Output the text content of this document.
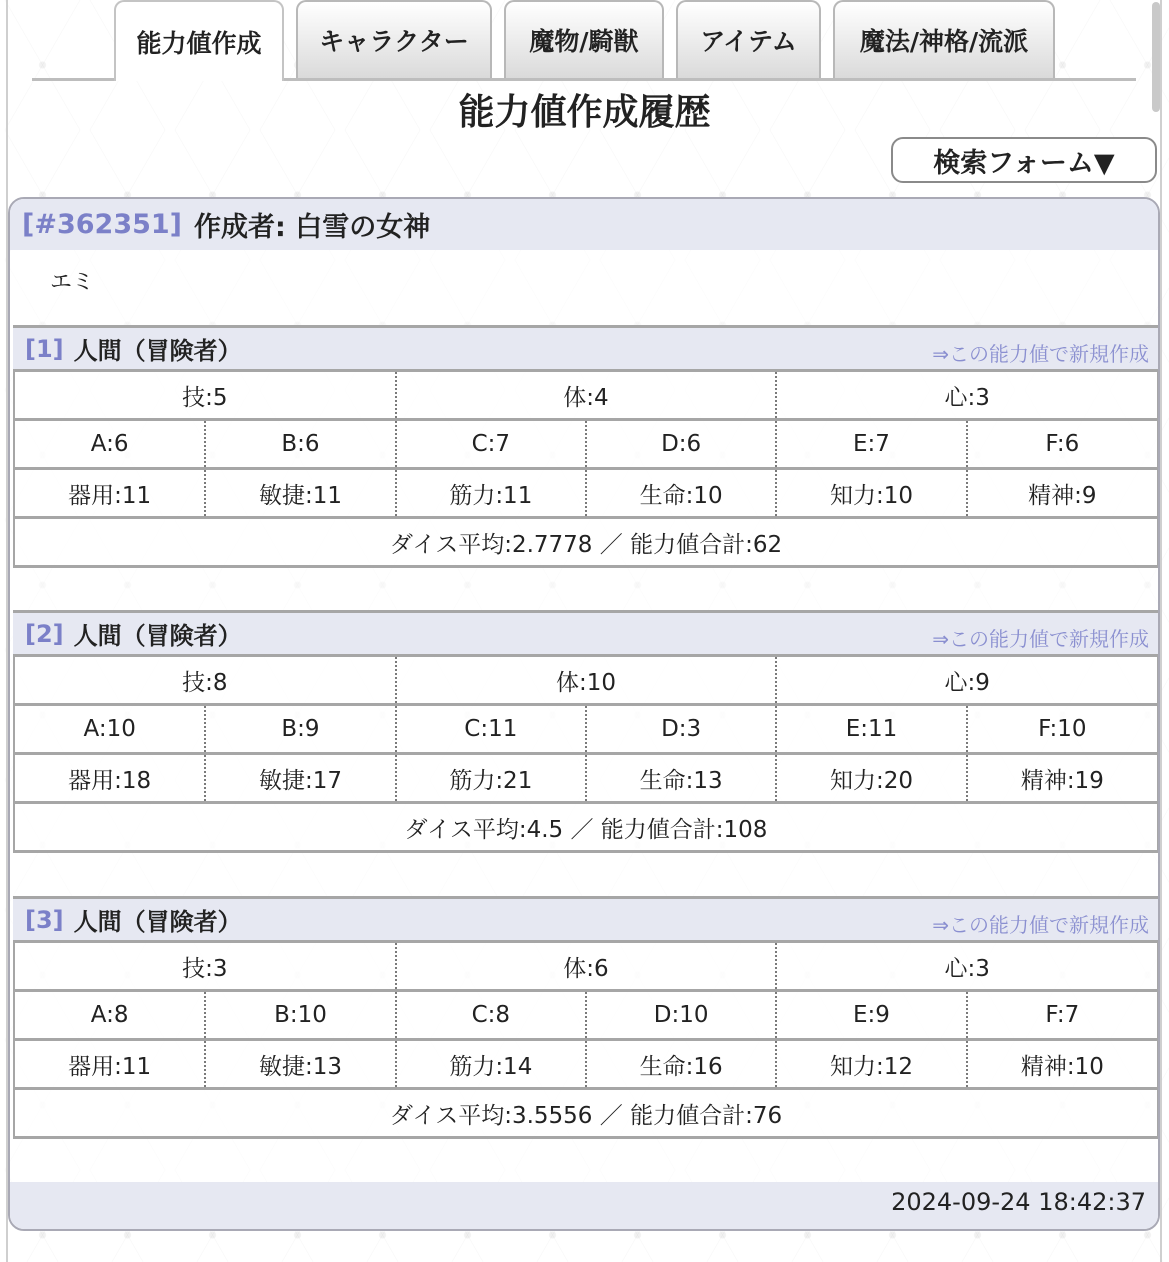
能力値作成 キャラクター 魔物/騎獣 アイテム	魔法/神格/流派
能力値作成履歴
検索フォーム▼
[#362351] 作成者: 白雪の女神
エミ
[1] 人間（冒険者）	⇒この能力値で新規作成
技:5		体:4		心:3	
A:6	B:6	C:7	D:6	E:7	F:6
器用:11	敏捷:11	筋力:11	生命:10	知力:10	精神:9
ダイス平均:2.7778 ／ 能力値合計:62					
[2] 人間（冒険者）	⇒この能力値で新規作成
技:8		体:10		心:9	
A:10	B:9	C:11	D:3	E:11	F:10
器用:18	敏捷:17	筋力:21	生命:13	知力:20	精神:19
ダイス平均:4.5 ／ 能力値合計:108					
[3] 人間（冒険者）	⇒この能力値で新規作成
技:3		体:6		心:3	
A:8	B:10	C:8	D:10	E:9	F:7
器用:11	敏捷:13	筋力:14	生命:16	知力:12	精神:10
ダイス平均:3.5556 ／ 能力値合計:76					
2024-09-24 18:42:37
